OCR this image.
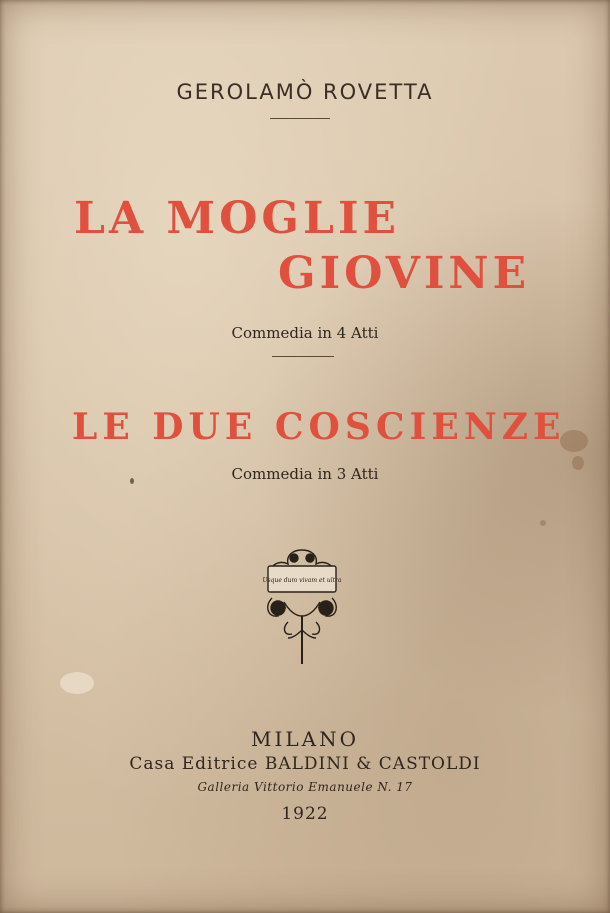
GEROLAMÒ ROVETTA
LA MOGLIE
GIOVINE
Commedia in 4 Atti
LE DUE COSCIENZE
Commedia in 3 Atti
Usque dum vivam et ultra
MILANO
Casa Editrice BALDINI & CASTOLDI
Galleria Vittorio Emanuele N. 17
1922
